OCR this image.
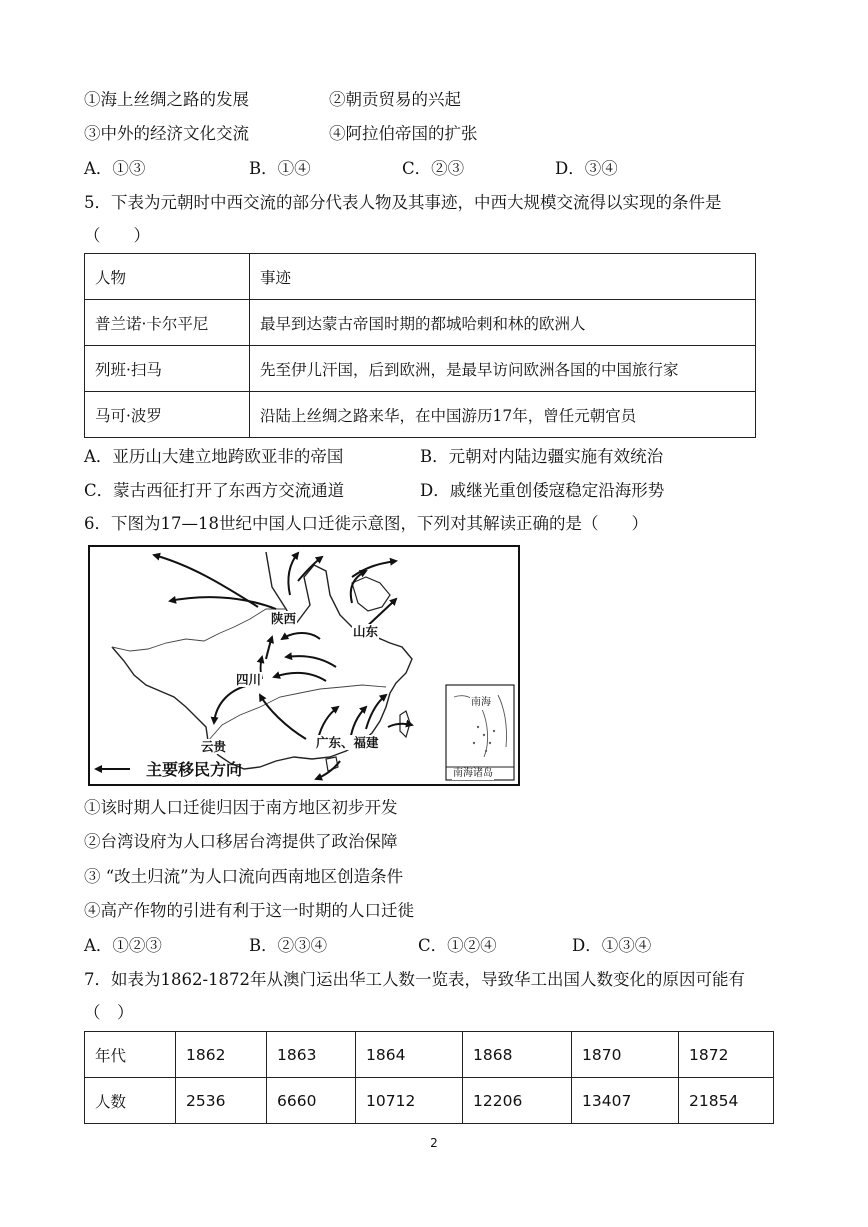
①海上丝绸之路的发展	②朝贡贸易的兴起
③中外的经济文化交流	④阿拉伯帝国的扩张
A．①③	B．①④	C．②③	D．③④
5．下表为元朝时中西交流的部分代表人物及其事迹，中西大规模交流得以实现的条件是
（　　）
人物	事迹
普兰诺·卡尔平尼	最早到达蒙古帝国时期的都城哈剌和林的欧洲人
列班·扫马	先至伊儿汗国，后到欧洲，是最早访问欧洲各国的中国旅行家
马可·波罗	沿陆上丝绸之路来华，在中国游历17年，曾任元朝官员
A．亚历山大建立地跨欧亚非的帝国	B．元朝对内陆边疆实施有效统治
C．蒙古西征打开了东西方交流通道	D．戚继光重创倭寇稳定沿海形势
6．下图为17—18世纪中国人口迁徙示意图，下列对其解读正确的是（　　）
陕西
山东
四川
云贵	广东、福建
南海
南海诸岛
主要移民方向
①该时期人口迁徙归因于南方地区初步开发
②台湾设府为人口移居台湾提供了政治保障
③ “改土归流”为人口流向西南地区创造条件
④高产作物的引进有利于这一时期的人口迁徙
A．①②③	B．②③④	C．①②④	D．①③④
7．如表为1862-1872年从澳门运出华工人数一览表，导致华工出国人数变化的原因可能有
（　）
年代	1862	1863	1864	1868	1870	1872
人数	2536	6660	10712	12206	13407	21854
2
